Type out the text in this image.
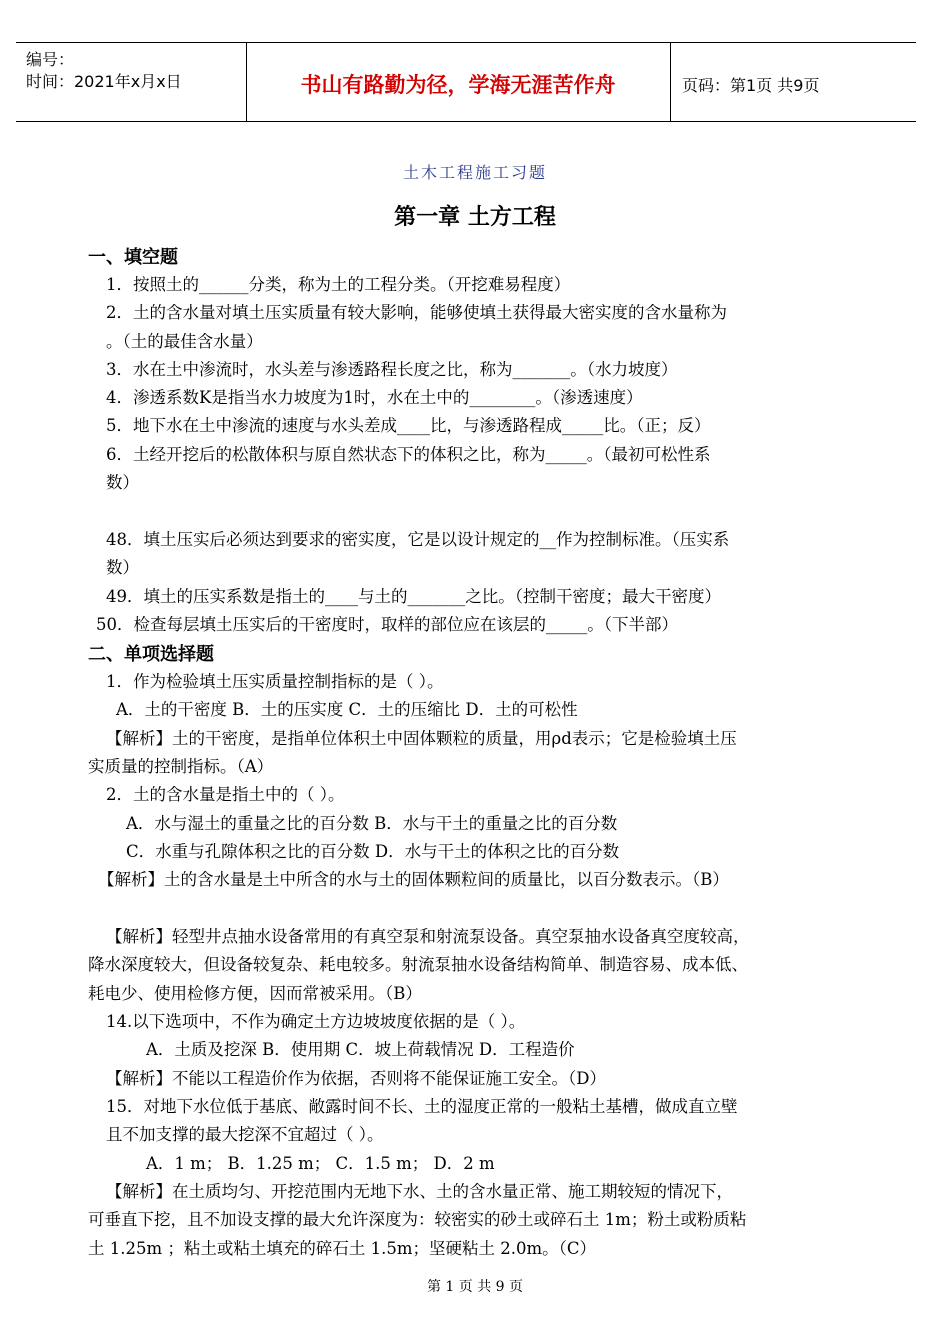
编号：
时间：2021年x月x日	书山有路勤为径，学海无涯苦作舟	页码：第1页 共9页
土木工程施工习题
第一章 土方工程
一、填空题
1．按照土的______分类，称为土的工程分类。（开挖难易程度）
2．土的含水量对填土压实质量有较大影响，能够使填土获得最大密实度的含水量称为
。（土的最佳含水量）
3．水在土中渗流时，水头差与渗透路程长度之比，称为_______。（水力坡度）
4．渗透系数K是指当水力坡度为1时，水在土中的________。（渗透速度）
5．地下水在土中渗流的速度与水头差成____比，与渗透路程成_____比。（正；反）
6．土经开挖后的松散体积与原自然状态下的体积之比，称为_____。（最初可松性系
数）
48．填土压实后必须达到要求的密实度，它是以设计规定的__作为控制标准。（压实系
数）
49．填土的压实系数是指土的____与土的_______之比。（控制干密度；最大干密度）
50．检查每层填土压实后的干密度时，取样的部位应在该层的_____。（下半部）
二、单项选择题
1．作为检验填土压实质量控制指标的是（ ）。
A．土的干密度 B．土的压实度 C．土的压缩比 D．土的可松性
【解析】土的干密度，是指单位体积土中固体颗粒的质量，用ρd表示；它是检验填土压
实质量的控制指标。（A）
2．土的含水量是指土中的（ ）。
A．水与湿土的重量之比的百分数 B．水与干土的重量之比的百分数
C．水重与孔隙体积之比的百分数 D．水与干土的体积之比的百分数
【解析】土的含水量是土中所含的水与土的固体颗粒间的质量比，以百分数表示。（B）
【解析】轻型井点抽水设备常用的有真空泵和射流泵设备。真空泵抽水设备真空度较高，
降水深度较大，但设备较复杂、耗电较多。射流泵抽水设备结构简单、制造容易、成本低、
耗电少、使用检修方便，因而常被采用。（B）
14.以下选项中，不作为确定土方边坡坡度依据的是（ ）。
A．土质及挖深 B．使用期 C．坡上荷载情况 D．工程造价
【解析】不能以工程造价作为依据，否则将不能保证施工安全。（D）
15．对地下水位低于基底、敞露时间不长、土的湿度正常的一般粘土基槽，做成直立壁
且不加支撑的最大挖深不宜超过（ ）。
A．1 m； B．1.25 m； C．1.5 m； D．2 m
【解析】在土质均匀、开挖范围内无地下水、土的含水量正常、施工期较短的情况下，
可垂直下挖，且不加设支撑的最大允许深度为：较密实的砂土或碎石土 1m；粉土或粉质粘
土 1.25m ；粘土或粘土填充的碎石土 1.5m；坚硬粘土 2.0m。（C）
第 1 页 共 9 页
